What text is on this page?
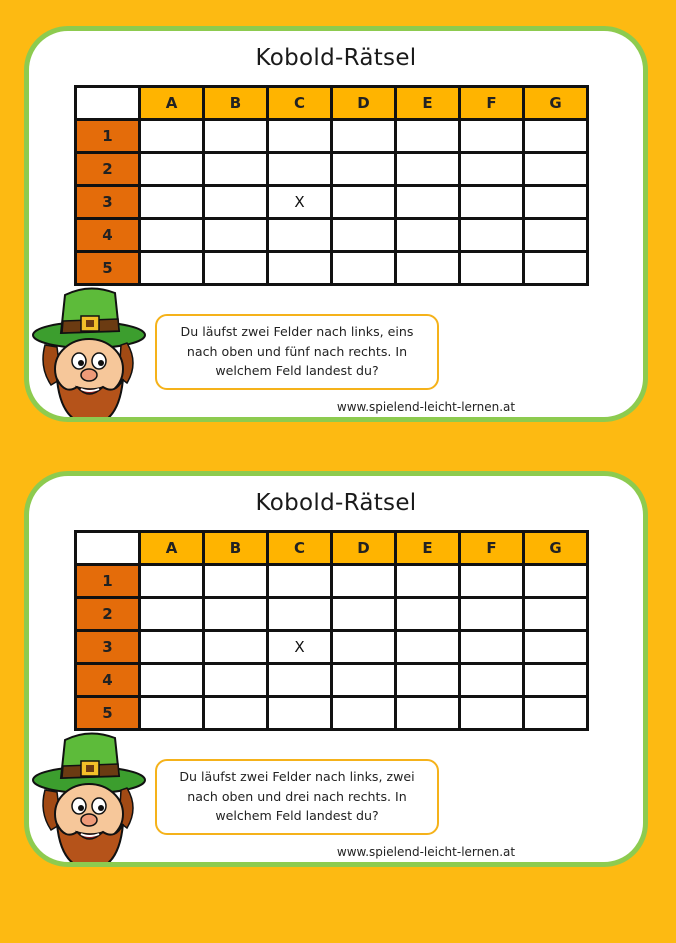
Kobold-Rätsel
	A	B	C	D	E	F	G
1							
2							
3			X				
4							
5							
Du läufst zwei Felder nach links, eins
nach oben und fünf nach rechts. In
welchem Feld landest du?
www.spielend-leicht-lernen.at
Kobold-Rätsel
	A	B	C	D	E	F	G
1							
2							
3			X				
4							
5							
Du läufst zwei Felder nach links, zwei
nach oben und drei nach rechts. In
welchem Feld landest du?
www.spielend-leicht-lernen.at
